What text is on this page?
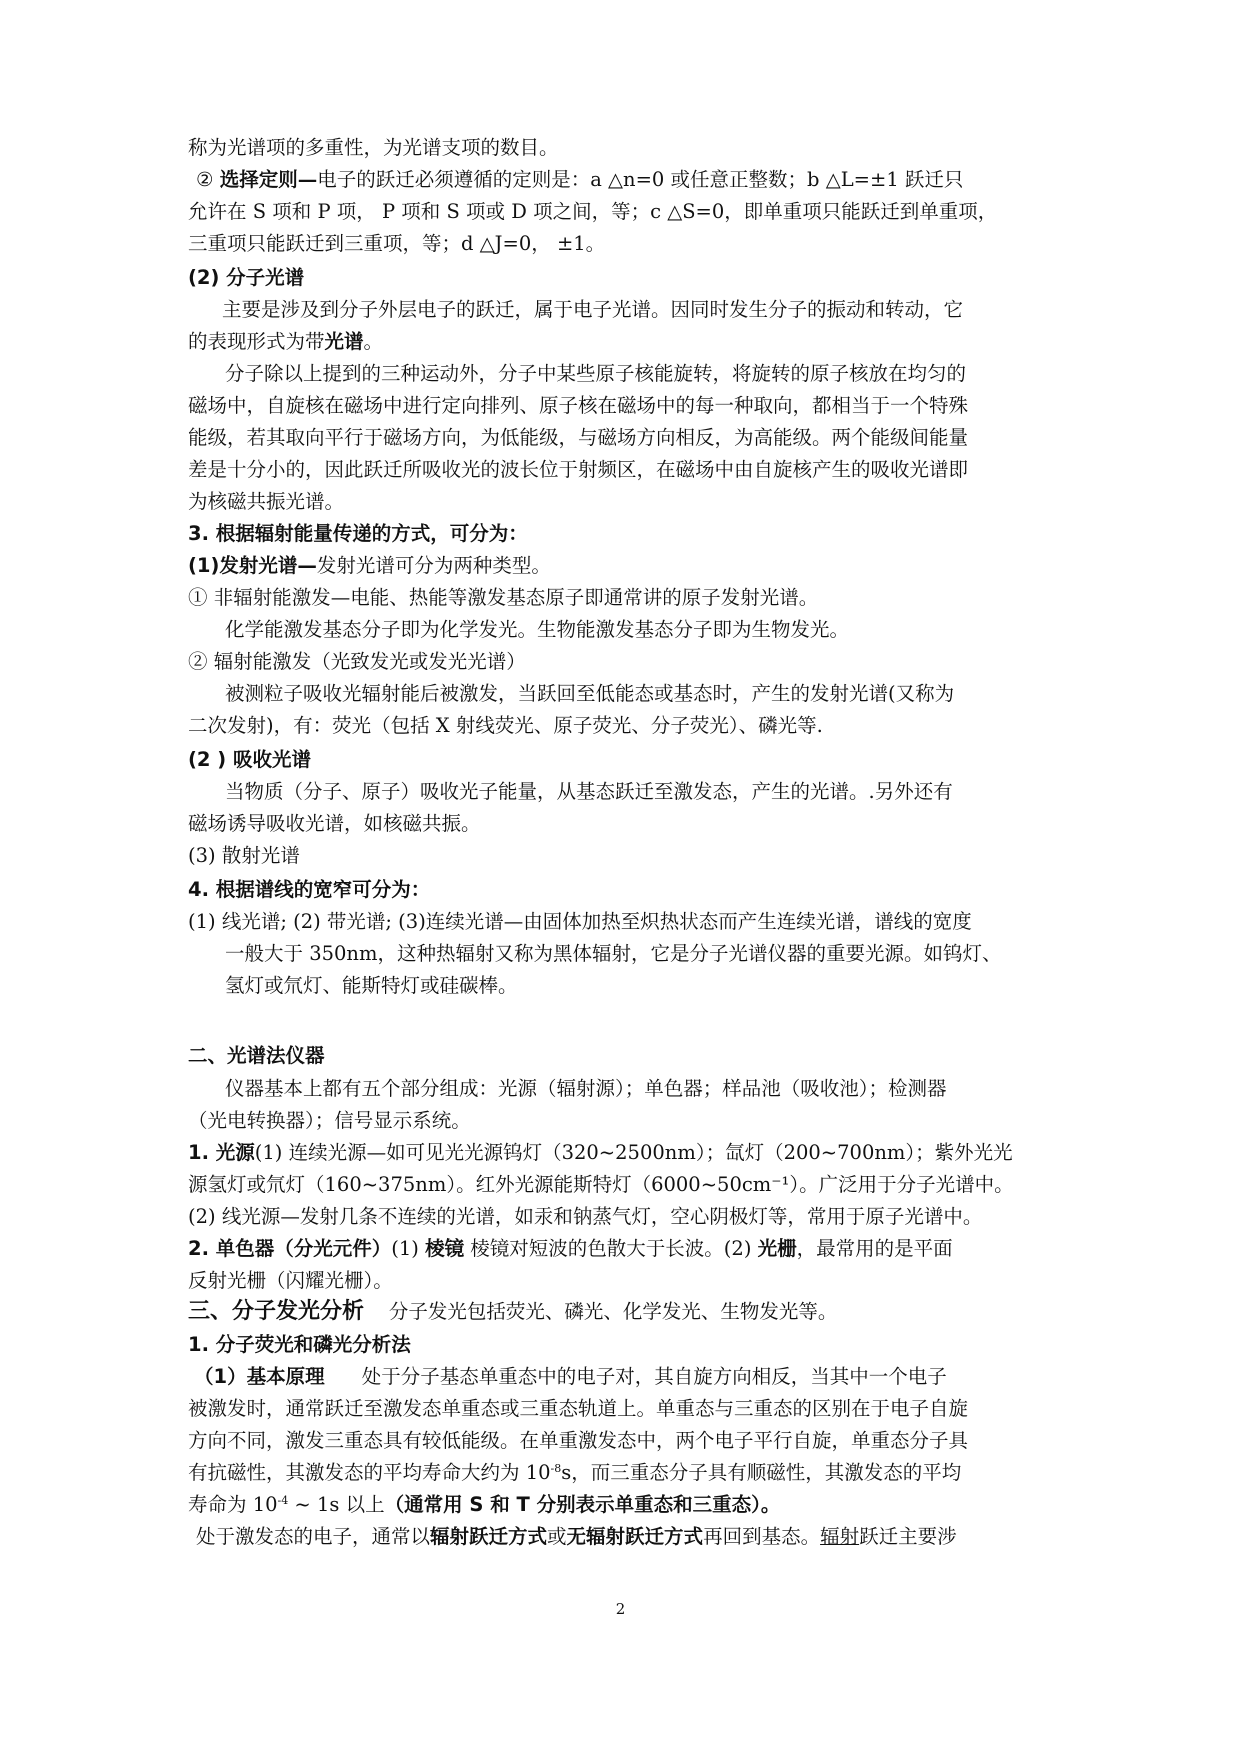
称为光谱项的多重性，为光谱支项的数目。
② 选择定则—电子的跃迁必须遵循的定则是：a △n=0 或任意正整数；b △L=±1 跃迁只
允许在 S 项和 P 项， P 项和 S 项或 D 项之间，等；c △S=0，即单重项只能跃迁到单重项，
三重项只能跃迁到三重项，等；d △J=0， ±1。
(2) 分子光谱
主要是涉及到分子外层电子的跃迁，属于电子光谱。因同时发生分子的振动和转动，它
的表现形式为带光谱。
分子除以上提到的三种运动外，分子中某些原子核能旋转，将旋转的原子核放在均匀的
磁场中，自旋核在磁场中进行定向排列、原子核在磁场中的每一种取向，都相当于一个特殊
能级，若其取向平行于磁场方向，为低能级，与磁场方向相反，为高能级。两个能级间能量
差是十分小的，因此跃迁所吸收光的波长位于射频区，在磁场中由自旋核产生的吸收光谱即
为核磁共振光谱。
3. 根据辐射能量传递的方式，可分为：
(1)发射光谱—发射光谱可分为两种类型。
① 非辐射能激发—电能、热能等激发基态原子即通常讲的原子发射光谱。
化学能激发基态分子即为化学发光。生物能激发基态分子即为生物发光。
② 辐射能激发（光致发光或发光光谱）
被测粒子吸收光辐射能后被激发，当跃回至低能态或基态时，产生的发射光谱(又称为
二次发射)，有：荧光（包括 X 射线荧光、原子荧光、分子荧光）、磷光等.
(2 ) 吸收光谱
当物质（分子、原子）吸收光子能量，从基态跃迁至激发态，产生的光谱。.另外还有
磁场诱导吸收光谱，如核磁共振。
(3) 散射光谱
4. 根据谱线的宽窄可分为：
(1) 线光谱; (2) 带光谱; (3)连续光谱—由固体加热至炽热状态而产生连续光谱，谱线的宽度
一般大于 350nm，这种热辐射又称为黑体辐射，它是分子光谱仪器的重要光源。如钨灯、
氢灯或氘灯、能斯特灯或硅碳棒。
二、光谱法仪器
仪器基本上都有五个部分组成：光源（辐射源）；单色器；样品池（吸收池）；检测器
（光电转换器）；信号显示系统。
1. 光源(1) 连续光源—如可见光光源钨灯（320~2500nm）；氙灯（200~700nm）；紫外光光
源氢灯或氘灯（160~375nm）。红外光源能斯特灯（6000~50cm⁻¹）。广泛用于分子光谱中。
(2) 线光源—发射几条不连续的光谱，如汞和钠蒸气灯，空心阴极灯等，常用于原子光谱中。
2. 单色器（分光元件）(1) 棱镜 棱镜对短波的色散大于长波。(2) 光栅，最常用的是平面
反射光栅（闪耀光栅）。
三、分子发光分析 分子发光包括荧光、磷光、化学发光、生物发光等。
1. 分子荧光和磷光分析法
（1）基本原理 处于分子基态单重态中的电子对，其自旋方向相反，当其中一个电子
被激发时，通常跃迁至激发态单重态或三重态轨道上。单重态与三重态的区别在于电子自旋
方向不同，激发三重态具有较低能级。在单重激发态中，两个电子平行自旋，单重态分子具
有抗磁性，其激发态的平均寿命大约为 $10^{-8}s$，而三重态分子具有顺磁性，其激发态的平均
寿命为 $10^{-4}$ ~ 1s 以上（通常用 S 和 T 分别表示单重态和三重态）。
处于激发态的电子，通常以辐射跃迁方式或无辐射跃迁方式再回到基态。辐射跃迁主要涉
2
